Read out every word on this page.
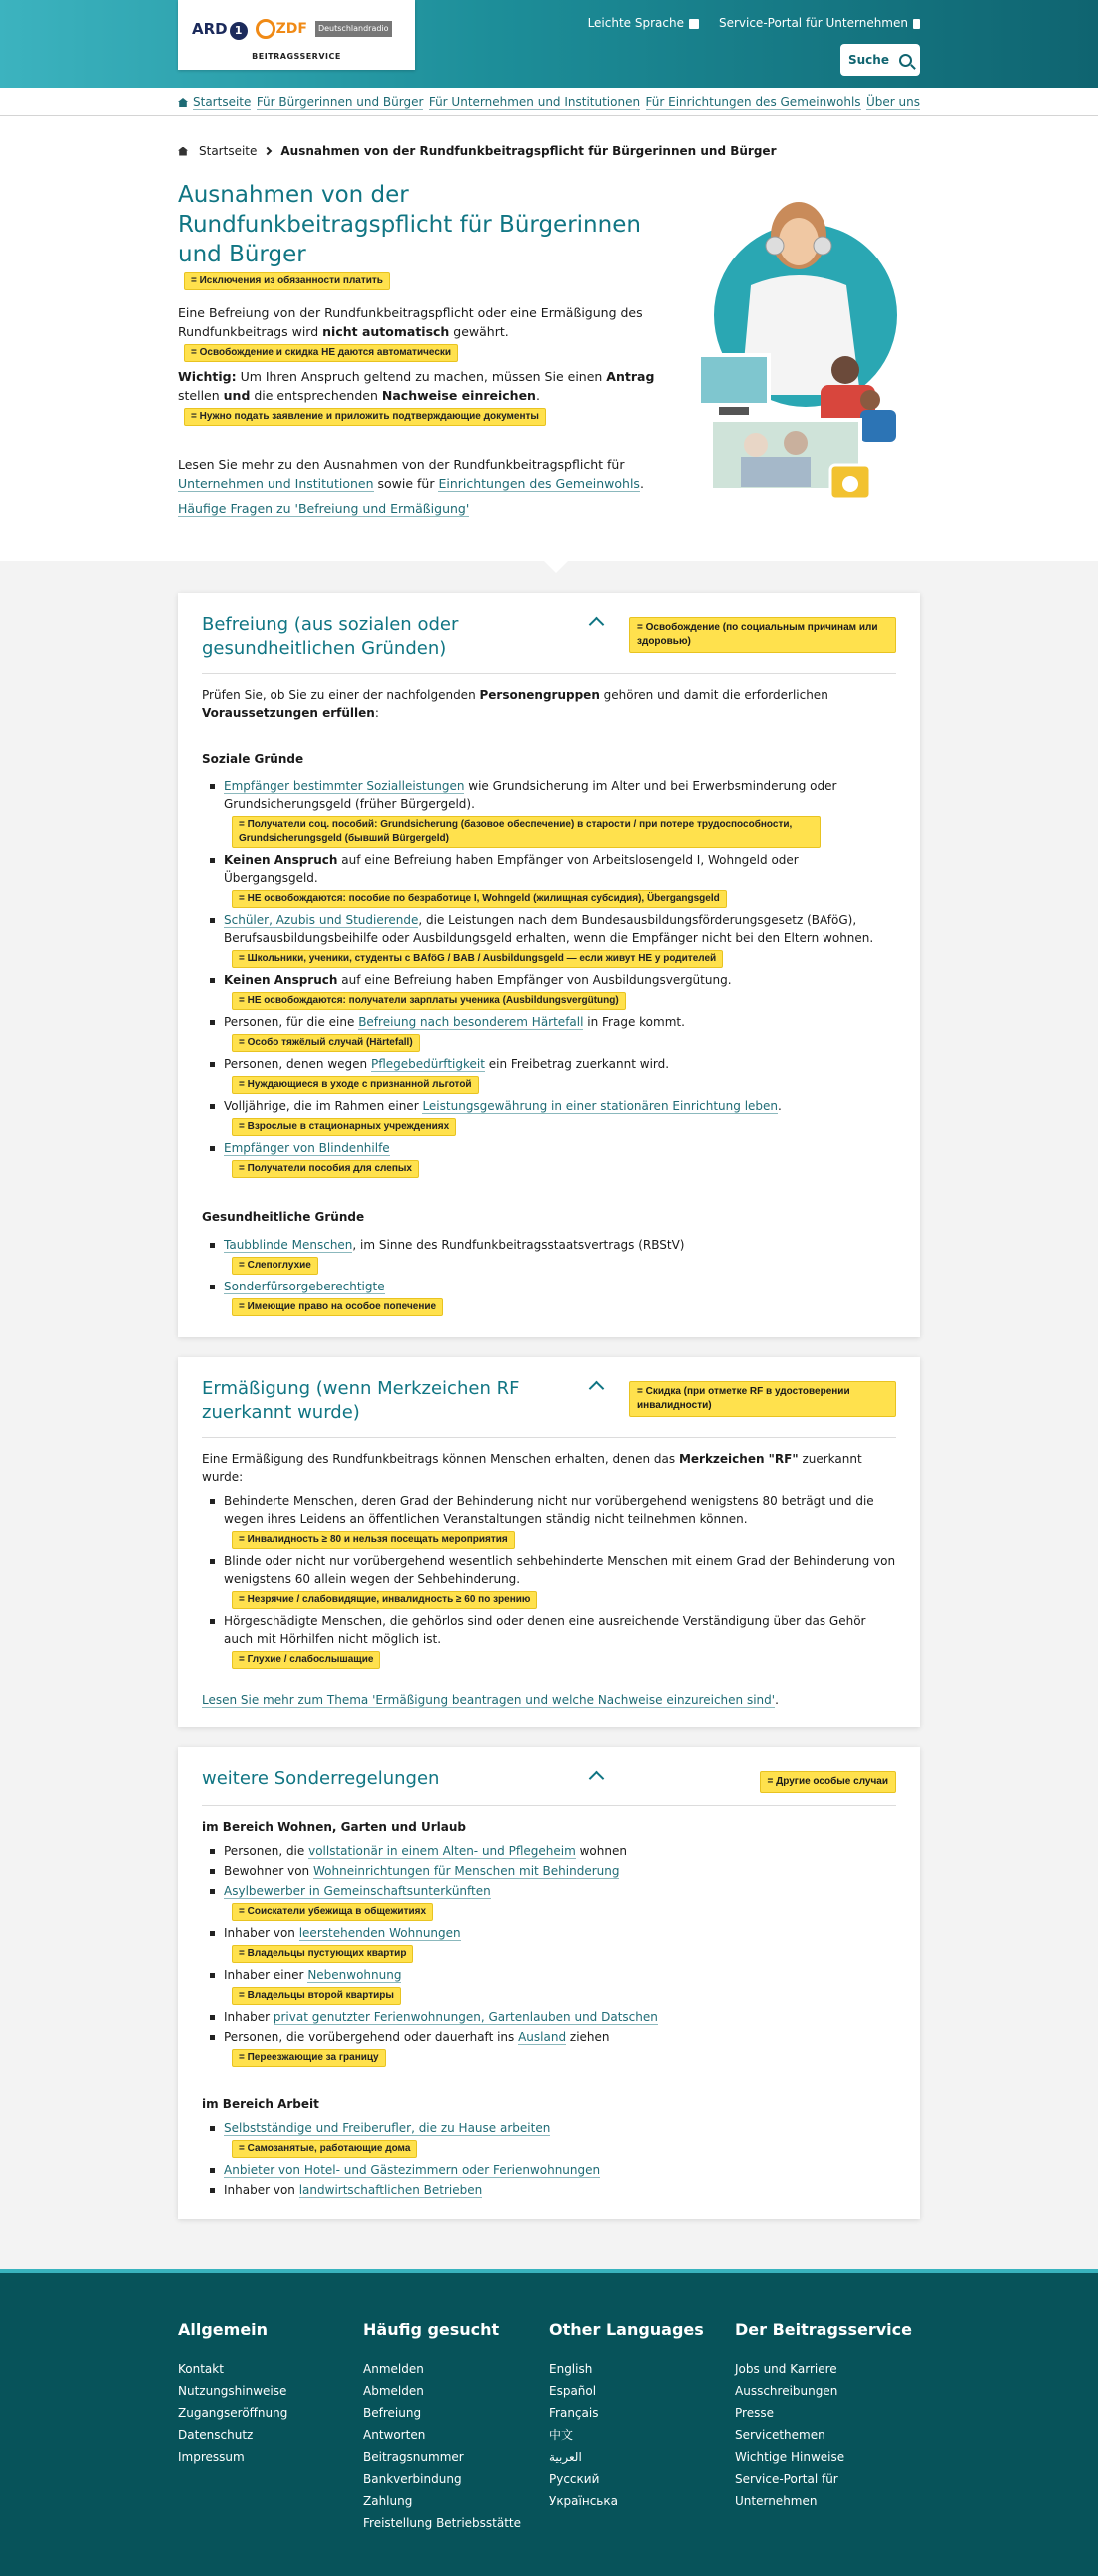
ARD 1	ZDF	Deutschlandradio
BEITRAGSSERVICE
Leichte Sprache	Service-Portal für Unternehmen
Suche
Startseite Für Bürgerinnen und Bürger Für Unternehmen und Institutionen Für Einrichtungen des Gemeinwohls Über uns
Startseite Ausnahmen von der Rundfunkbeitragspflicht für Bürgerinnen und Bürger
Ausnahmen von der Rundfunkbeitragspflicht für Bürgerinnen und Bürger
= Исключения из обязанности платить

Eine Befreiung von der Rundfunkbeitragspflicht oder eine Ermäßigung des Rundfunkbeitrags wird nicht automatisch gewährt.

= Освобождение и скидка НЕ даются автоматически

Wichtig: Um Ihren Anspruch geltend zu machen, müssen Sie einen Antrag stellen und die entsprechenden Nachweise einreichen.

= Нужно подать заявление и приложить подтверждающие документы

Lesen Sie mehr zu den Ausnahmen von der Rundfunkbeitragspflicht für Unternehmen und Institutionen sowie für Einrichtungen des Gemeinwohls.

Häufige Fragen zu 'Befreiung und Ermäßigung'

Befreiung (aus sozialen oder gesundheitlichen Gründen)
= Освобождение (по социальным причинам или здоровью)

Prüfen Sie, ob Sie zu einer der nachfolgenden Personengruppen gehören und damit die erforderlichen Voraussetzungen erfüllen:

Soziale Gründe
Empfänger bestimmter Sozialleistungen wie Grundsicherung im Alter und bei Erwerbsminderung oder Grundsicherungsgeld (früher Bürgergeld).
= Получатели соц. пособий: Grundsicherung (базовое обеспечение) в старости / при потере трудоспособности, Grundsicherungsgeld (бывший Bürgergeld)
Keinen Anspruch auf eine Befreiung haben Empfänger von Arbeitslosengeld I, Wohngeld oder Übergangsgeld.
= НЕ освобождаются: пособие по безработице I, Wohngeld (жилищная субсидия), Übergangsgeld
Schüler, Azubis und Studierende, die Leistungen nach dem Bundesausbildungsförderungsgesetz (BAföG), Berufsausbildungsbeihilfe oder Ausbildungsgeld erhalten, wenn die Empfänger nicht bei den Eltern wohnen.
= Школьники, ученики, студенты с BAföG / BAB / Ausbildungsgeld — если живут НЕ у родителей
Keinen Anspruch auf eine Befreiung haben Empfänger von Ausbildungsvergütung.
= НЕ освобождаются: получатели зарплаты ученика (Ausbildungsvergütung)
Personen, für die eine Befreiung nach besonderem Härtefall in Frage kommt.
= Особо тяжёлый случай (Härtefall)
Personen, denen wegen Pflegebedürftigkeit ein Freibetrag zuerkannt wird.
= Нуждающиеся в уходе с признанной льготой
Volljährige, die im Rahmen einer Leistungsgewährung in einer stationären Einrichtung leben.
= Взрослые в стационарных учреждениях
Empfänger von Blindenhilfe
= Получатели пособия для слепых
Gesundheitliche Gründe
Taubblinde Menschen, im Sinne des Rundfunkbeitragsstaatsvertrags (RBStV)
= Слепоглухие
Sonderfürsorgeberechtigte
= Имеющие право на особое попечение
Ermäßigung (wenn Merkzeichen RF zuerkannt wurde)
= Скидка (при отметке RF в удостоверении инвалидности)

Eine Ermäßigung des Rundfunkbeitrags können Menschen erhalten, denen das Merkzeichen "RF" zuerkannt wurde:

Behinderte Menschen, deren Grad der Behinderung nicht nur vorübergehend wenigstens 80 beträgt und die wegen ihres Leidens an öffentlichen Veranstaltungen ständig nicht teilnehmen können.
= Инвалидность ≥ 80 и нельзя посещать мероприятия
Blinde oder nicht nur vorübergehend wesentlich sehbehinderte Menschen mit einem Grad der Behinderung von wenigstens 60 allein wegen der Sehbehinderung.
= Незрячие / слабовидящие, инвалидность ≥ 60 по зрению
Hörgeschädigte Menschen, die gehörlos sind oder denen eine ausreichende Verständigung über das Gehör auch mit Hörhilfen nicht möglich ist.
= Глухие / слабослышащие

Lesen Sie mehr zum Thema 'Ermäßigung beantragen und welche Nachweise einzureichen sind'.

weitere Sonderregelungen	= Другие особые случаи
im Bereich Wohnen, Garten und Urlaub
Personen, die vollstationär in einem Alten- und Pflegeheim wohnen
Bewohner von Wohneinrichtungen für Menschen mit Behinderung
Asylbewerber in Gemeinschaftsunterkünften
= Соискатели убежища в общежитиях
Inhaber von leerstehenden Wohnungen
= Владельцы пустующих квартир
Inhaber einer Nebenwohnung
= Владельцы второй квартиры
Inhaber privat genutzter Ferienwohnungen, Gartenlauben und Datschen
Personen, die vorübergehend oder dauerhaft ins Ausland ziehen
= Переезжающие за границу
im Bereich Arbeit
Selbstständige und Freiberufler, die zu Hause arbeiten
= Самозанятые, работающие дома
Anbieter von Hotel- und Gästezimmern oder Ferienwohnungen
Inhaber von landwirtschaftlichen Betrieben
Allgemein
Kontakt
Nutzungshinweise
Zugangseröffnung
Datenschutz
Impressum
Häufig gesucht
Anmelden
Abmelden
Befreiung
Antworten
Beitragsnummer
Bankverbindung
Zahlung
Freistellung Betriebsstätte
Other Languages
English
Español
Français
中文
العربية
Русский
Українська
Der Beitragsservice
Jobs und Karriere
Ausschreibungen
Presse
Servicethemen
Wichtige Hinweise
Service-Portal für Unternehmen
